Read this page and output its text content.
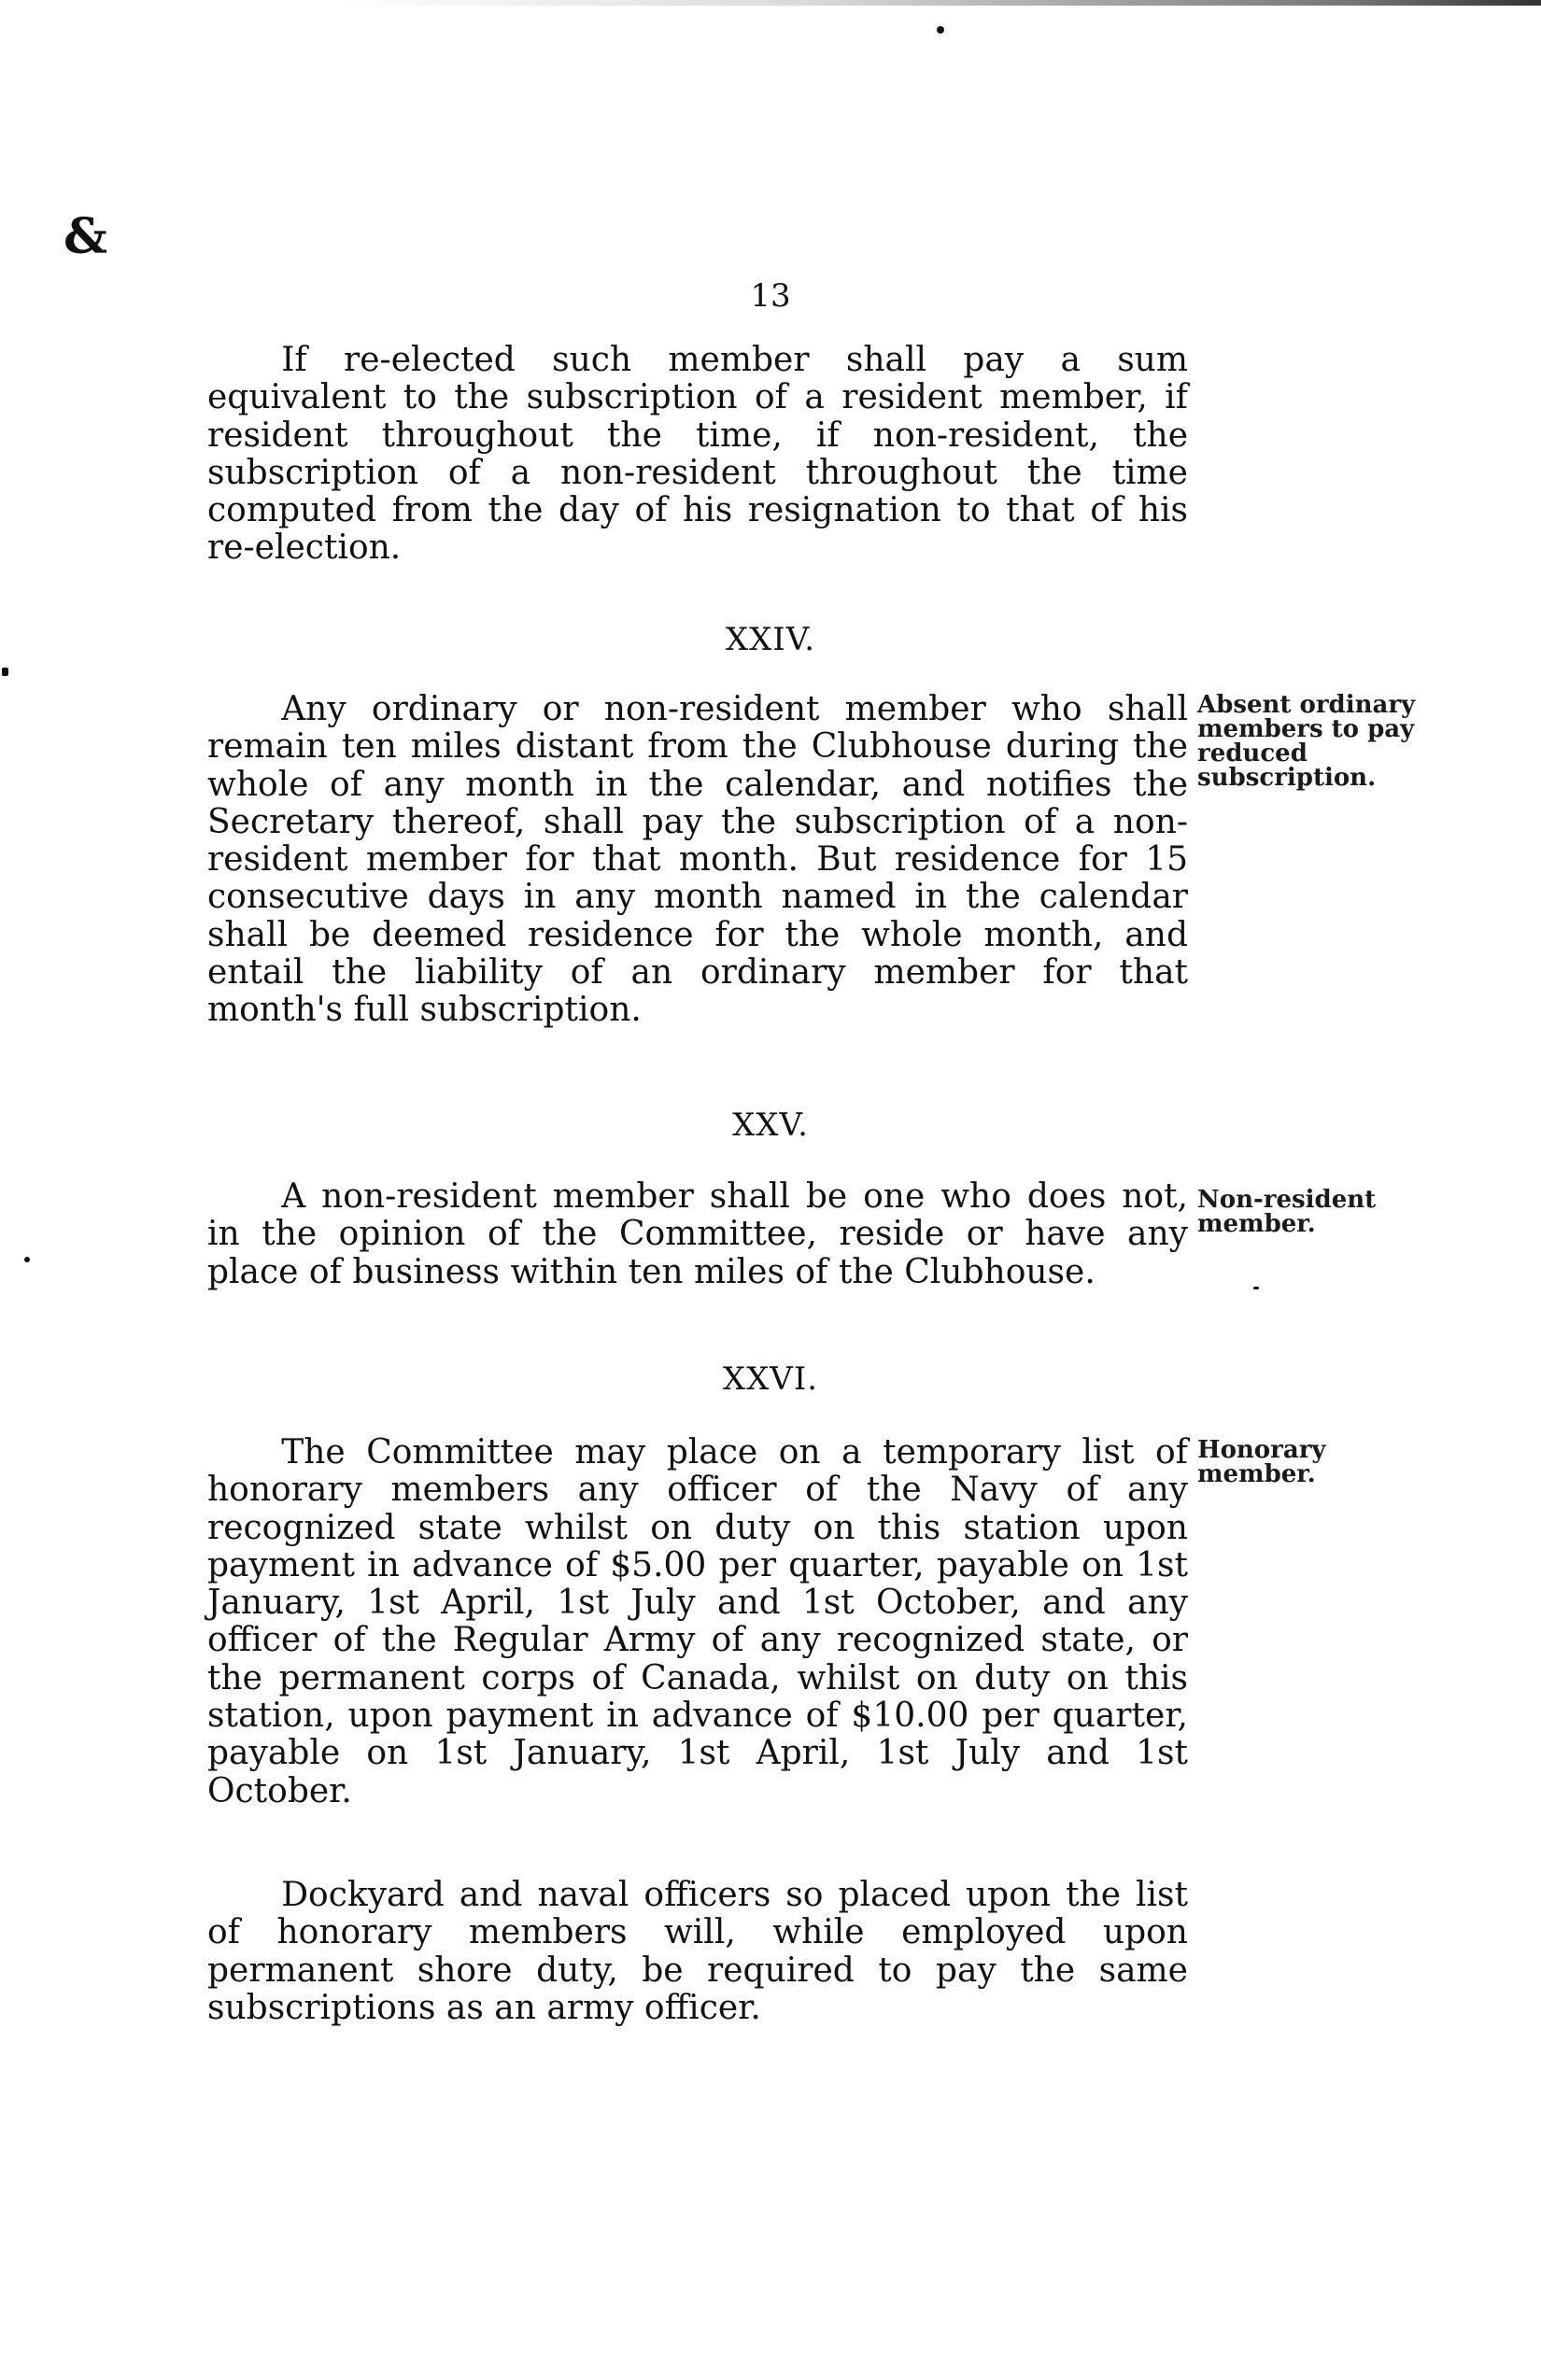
&
13

If re-elected such member shall pay a sum equivalent to the subscription of a resident member, if resident throughout the time, if non-resident, the subscription of a non-resident throughout the time computed from the day of his resignation to that of his re-election.

XXIV.

Any ordinary or non-resident member who shall remain ten miles distant from the Clubhouse during the whole of any month in the calendar, and notifies the Secretary thereof, shall pay the subscription of a non-resident member for that month. But residence for 15 consecutive days in any month named in the calendar shall be deemed residence for the whole month, and entail the liability of an ordinary member for that month's full subscription.

Absent ordinary members to pay reduced subscription.

XXV.

A non-resident member shall be one who does not, in the opinion of the Committee, reside or have any place of business within ten miles of the Clubhouse.

Non-resident member.

XXVI.

The Committee may place on a temporary list of honorary members any officer of the Navy of any recognized state whilst on duty on this station upon payment in advance of $5.00 per quarter, payable on 1st January, 1st April, 1st July and 1st October, and any officer of the Regular Army of any recognized state, or the permanent corps of Canada, whilst on duty on this station, upon payment in advance of $10.00 per quarter, payable on 1st January, 1st April, 1st July and 1st October.

Honorary member.

Dockyard and naval officers so placed upon the list of honorary members will, while employed upon permanent shore duty, be required to pay the same subscriptions as an army officer.
